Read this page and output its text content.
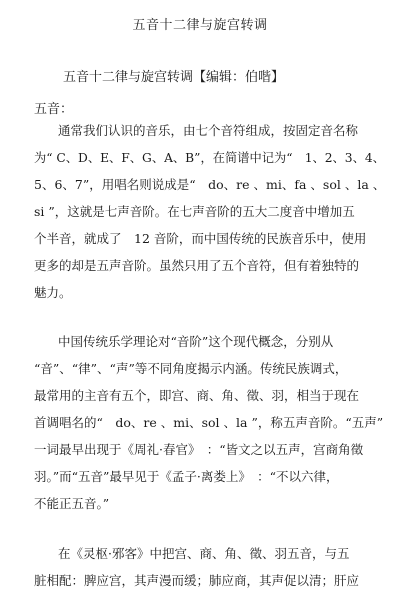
五音十二律与旋宫转调
五音十二律与旋宫转调【编辑：伯喈】
五音：
通常我们认识的音乐，由七个音符组成，按固定音名称
为“ C、D、E、F、G、A、B”，在简谱中记为“　1、2、3、4、
5、6、7”，用唱名则说成是“　do、re 、mi、fa 、sol 、la 、
si ”，这就是七声音阶。在七声音阶的五大二度音中增加五
个半音，就成了　12 音阶，而中国传统的民族音乐中，使用
更多的却是五声音阶。虽然只用了五个音符，但有着独特的
魅力。
中国传统乐学理论对“音阶”这个现代概念，分别从
“音”、“律”、“声”等不同角度揭示内涵。传统民族调式，
最常用的主音有五个，即宫、商、角、徵、羽，相当于现在
首调唱名的“　do、re 、mi、sol 、la ”，称五声音阶。“五声”
一词最早出现于《周礼·春官》　：“皆文之以五声，宫商角徵
羽。”而“五音”最早见于《孟子·离娄上》　：“不以六律，
不能正五音。”
在《灵枢·邪客》中把宫、商、角、徵、羽五音，与五
脏相配：脾应宫，其声漫而缓；肺应商，其声促以清；肝应
